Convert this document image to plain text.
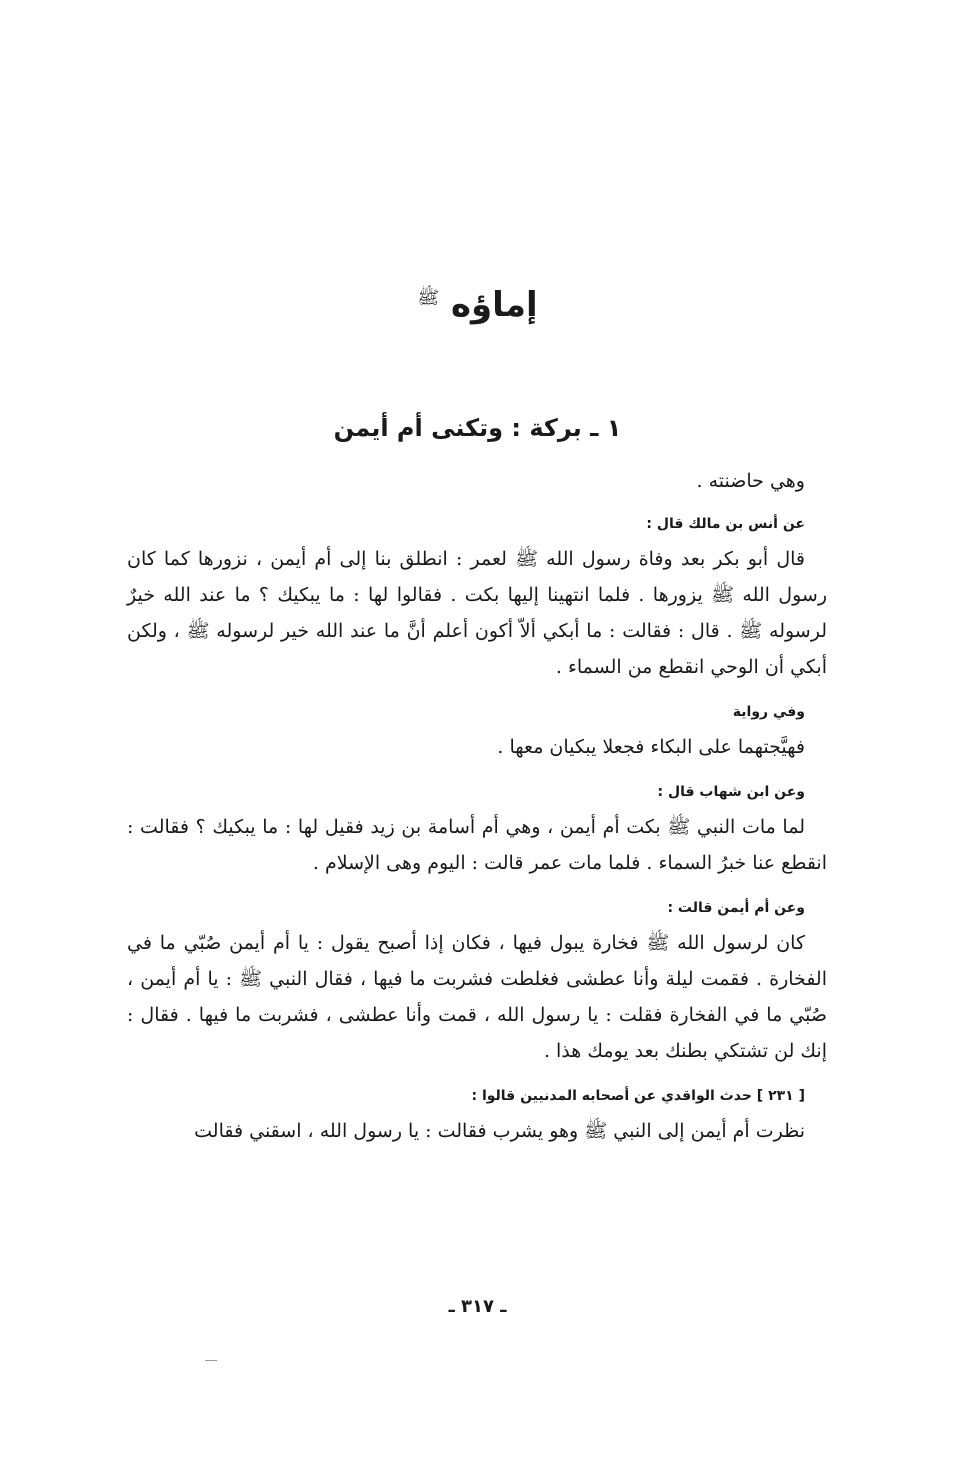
إماؤه $^ﷺ$
١ ـ بركة : وتكنى أم أيمن

وهي حاضنته .

عن أنس بن مالك قال :

قال أبو بكر بعد وفاة رسول الله ﷺ لعمر : انطلق بنا إلى أم أيمن ، نزورها كما كان رسول الله ﷺ يزورها . فلما انتهينا إليها بكت . فقالوا لها : ما يبكيك ؟ ما عند الله خيرٌ لرسوله ﷺ . قال : فقالت : ما أبكي ألاّ أكون أعلم أنَّ ما عند الله خير لرسوله ﷺ ، ولكن أبكي أن الوحي انقطع من السماء .

وفي رواية

فهيَّجتهما على البكاء فجعلا يبكيان معها .

وعن ابن شهاب قال :

لما مات النبي ﷺ بكت أم أيمن ، وهي أم أسامة بن زيد فقيل لها : ما يبكيك ؟ فقالت : انقطع عنا خبرُ السماء . فلما مات عمر قالت : اليوم وهى الإسلام .

وعن أم أيمن قالت :

كان لرسول الله ﷺ فخارة يبول فيها ، فكان إذا أصبح يقول : يا أم أيمن صُبّي ما في الفخارة . فقمت ليلة وأنا عطشى فغلطت فشربت ما فيها ، فقال النبي ﷺ : يا أم أيمن ، صُبّي ما في الفخارة فقلت : يا رسول الله ، قمت وأنا عطشى ، فشربت ما فيها . فقال : إنك لن تشتكي بطنك بعد يومك هذا .

[ ٢٣١ ] حدث الواقدي عن أصحابه المدنيين قالوا :

نظرت أم أيمن إلى النبي ﷺ وهو يشرب فقالت : يا رسول الله ، اسقني فقالت

ـ ٣١٧ ـ
